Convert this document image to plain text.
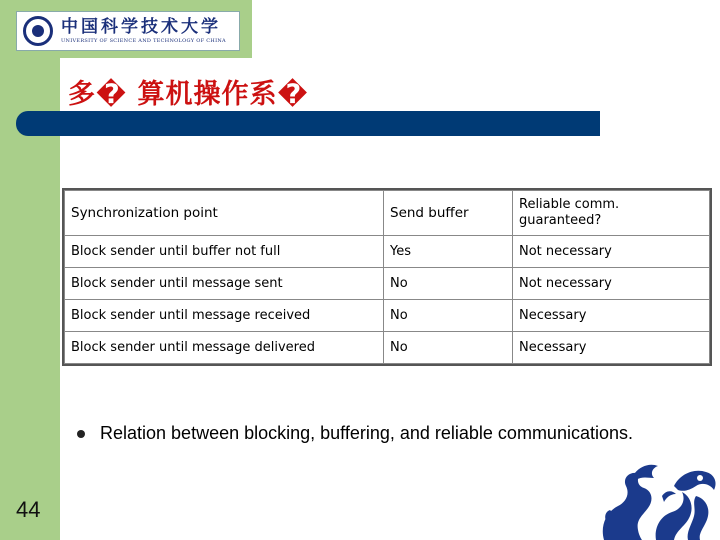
中国科学技术大学
UNIVERSITY OF SCIENCE AND TECHNOLOGY OF CHINA
多� 算机操作系�
Synchronization point	Send buffer	Reliable comm. guaranteed?

Block sender until buffer not full	Yes	Not necessary
Block sender until message sent	No	Not necessary
Block sender until message received	No	Necessary
Block sender until message delivered	No	Necessary
Relation between blocking, buffering, and reliable communications.
44
